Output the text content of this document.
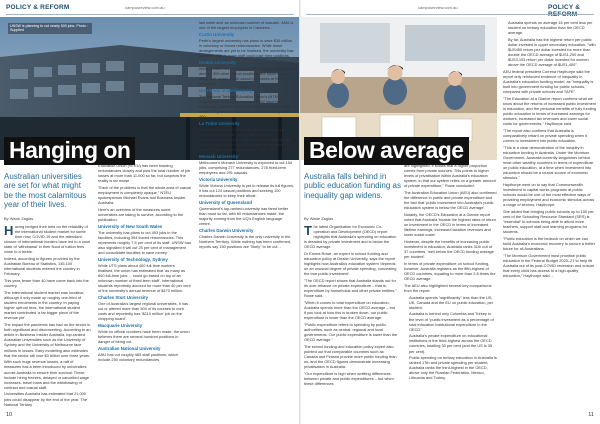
POLICY & REFORM	campusreview.com.au
UNSW is planning to cut nearly 500 jobs. Photo : Supplied
Hanging on
Australian universities are set for what might be the most calamitous year of their lives.
By Wade Zaglas

Having hedged their bets on the reliability of the international student market for some time now, COVID-19 and the attendant closure of international borders have led to a cruel state of 'withdrawal' in their flood of tuition fees close to a trickle.

Indeed, according to figures provided by the Australian Bureau of Statistics, 145,100 international students entered the country in February.

This year, fewer than 40 have come back into the country.

The international student market was lucrative, although it only made up roughly one-third of student enrolments in the country. In paying higher upfront fees, the international student market contributed 'a far bigger piece of the revenue pie'.

The impact the pandemic has had on the sector is both significant and disconcerting. According to an article in Business Insider Australia, top-ranked Australian universities such as the University of Sydney and the University of Melbourne face millions in losses. Early modelling also estimates that the sector will lose $3 billion over three years.

With such huge revenue losses, a raft of measures has a been introduced by universities across Australia to ensure their survival. These include hiring freezes, delayed or cancelled wage increases, travel bans and the withdrawing of contract and casual staff.

Universities Australia has estimated that 21,000 jobs could disappear by the end of the year. The National Tertiary

Education Union (NTEU) has been tracking redundancies closely and puts the total number of job losses at more than 11,000 so far, but suspects the reality is far worse.

"Each of the problems is that the whole area of casual employment is completely opaque," NTEU spokesperson Michael Evans told Business Insider Australia.

Here's an overview of the measures some universities are taking to survive, according to the publication.

University of New South Wales

The university has plans to cut 493 jobs in the faculties, including 394 forced redundancies. This represents roughly 7.5 per cent of its staff. UNSW has also signalled it will cut 25 per cent of management and consolidate faculties to save money.

University of Technology, Sydney

While UTS plans about 400 full-time workers finalised, the union has estimated that 'as many as 600 full-time jobs ... could go based on top of an unknown number of fixed-term staff'. International students reportedly account for more than 40 per cent of the university's annual revenue of $470 million.

Charles Sturt University

One of Australia's largest regional universities, it has cut or altered more than 500 of its courses to curb costs and reportedly has '$210 million' job on the chopping board'.

Macquarie University

While no official numbers have been made, the union believes there are several hundred positions in danger of being cut.

Australian National University

ANU has cut roughly 465 staff positions, which include 250 voluntary redundancies

last week and 'an unknown number of casuals'. ANU is one of the largest employers in Canberra.

Curtin University

Perth's largest university has plans to save $30 million in voluntary or forced redundancies. While these arrangements are yet to be finalised, the university has indicated 250 or more staff could lose their positions.

Deakin University

While Deakin has announced 400 forced redundancies and cut 300 other casual positions, the union warns it could cost nearly 2,000 casual job losses at the university.

University of Wollongong

The National Tertiary Education Union's (NTEU) negotiations to limit job losses at UoW have been successful, with the university announcing it will now make 200 positions redundant rather than the planned 400.

La Trobe University

The union knows of 2,358 casual job losses at La Trobe. On top of that, nearly 400 voluntary redundancies have been made, the equivalent of 300 full-time roles, while those on a pipeline between 2% and 451 more positions expected to go.

Monash University

Melbourne's Monash University is expected to cut 154 jobs, comprising 277 redundancies, 278 fixed-term employees and 291 casuals.

Victoria University

While Victoria University is yet to release its full figures, it has cut 124 casual positions and seeking 100 redundancies to keep their afloat.

University of Queensland

Queensland's top-ranked university has fared better than most so far, with 60 redundancies made, the majority coming from the UQ's English language centre.

Charles Darwin University

Charles Darwin University is the only university in the Northern Territory. While nothing has been confirmed, reports say 150 positions are "likely" to be cut. -

10
campusreview.com.au	POLICY &
Below average
Australia falls behind in public education funding as inequality gap widens.
By Wade Zaglas

The latest Organisation for Economic Co-operation and Development (OECD) report highlights that Australia's spending on education is dreaded by private investment and is below the OECD average.

Dr Emma Rowe, an expert in school funding and education policy at Deakin University, says the report highlights how Australia's education system 'depends on an unusual degree of private spending, concealing the true public investment'.

"The OECD report shows that Australia stands out for its over-reliance on private expenditure – that is, expenditure by households and other private entities," Rowe said.

"When it comes to total expenditure on education, Australia spends more than the OECD average – but if you look at how this is broken down, our public expenditure is lower than the OECD average.

"Public expenditure refers to spending by public authorities, such as central, regional and local governments. Our public expenditure is lower than the OECD average."

The school funding and education policy expert also pointed out that comparable countries such as Canada and Finland provide more public funding than us, and the OECD figures demonstrate increasing privatisation in Australia.

"Our expenditure is high when omitting differences between private and public expenditures – but when these differences

are highlighted, it shows that a higher proportion comes from private sources. This points to higher levels of privatisation within Australia's education system, in that our system relies on a greater amount of private expenditure," Rowe concluded.

The Australian Education Union (AEU) also confirmed the difference in public and private expenditure and the fact that 'public investment into Australia's public education system is below the OECD average'.

Notably, the OECD's Education at a Glance report noted that Australia 'boasts the highest rates of return on investment in the OECD in terms of increased lifetime earnings, increased taxation revenues and lower social costs'.

However, despite the benefits of increasing public investment in education, Australia ranks 31th out of 37 countries, 'well below the OECD funding average per student'.

In terms of private expenditure on school funding, however, Australia registers as the fifth-highest of OECD countries, equating to more than 2.8 times the OECD average.

The AEU also highlighted several key comparisons from the report:

• Australia spends "significantly" less than the US, UK, Canada and the EU on public education, per student.
• Australia is behind only Colombia and Turkey in the level of "public investment as a percentage of total education institutional expenditure in the OECD".
• Australia's private expenditure on educational institutions is the third-highest across the OECD countries, totalling 30 per cent (and the US is 35 per cent).
• Public spending on tertiary education in Australia is ranked 17th and private spending per student, Australia ranks the third-highest in the OECD, above only the Russian Federation, Mexico, Lithuania and Turkey.
• Australia spends on average 16 per cent less per student on tertiary education than the OECD average.
• By far, Australia has the highest return per public dollar invested in upper secondary education, "with $US450 return per dollar invested for more than double the OECD average of $US1,200 and $US3,193 return per dollar invested for women above the OECD average of $US1,400".

AEU federal president Correna Haythorpe said the report only reinforced evidence of inequality in Australia's education funding model, as "inequality is built into government funding for public schools, compared with private schools and TAFE".

"The Education at a Glance report confirms what we know about the returns of increased public investment in education, and the personal benefits of fully funding public education in terms of increased earnings for workers, increased tax revenues and lower social costs for governments," Haythorpe said.

"The report also confirms that Australia is comparatively reliant on private spending when it comes to investment into public education.

"This is a clear demonstration of the inequity in education funding in Australia. Under the Morrison Government, Australia currently languishes behind most other wealthy countries in terms of expenditure on public education, at a time when investment into education should be a crucial source of economic stimulus."

Haythorpe went on to say that Commonwealth investment in capital works programs at public schools would be one of the most effective ways of providing employment and economic stimulus across a range of sectors, Haythorpe.

She added that bringing public schools up to 100 per cent of the Schooling Resource Standard (SRS) is "essential" to schools being able to afford more teachers, support staff and learning programs for students.

"Public education is the bedrock on which we can build Australia's economic recovery to secure a better future for all Australians.

"The Morrison Government must prioritise public education in the Federal Budget 2020–21 to help lift Australia out of its post-COVID recession and ensure that every child has access to a high-quality education," Haythorpe said. -

11
